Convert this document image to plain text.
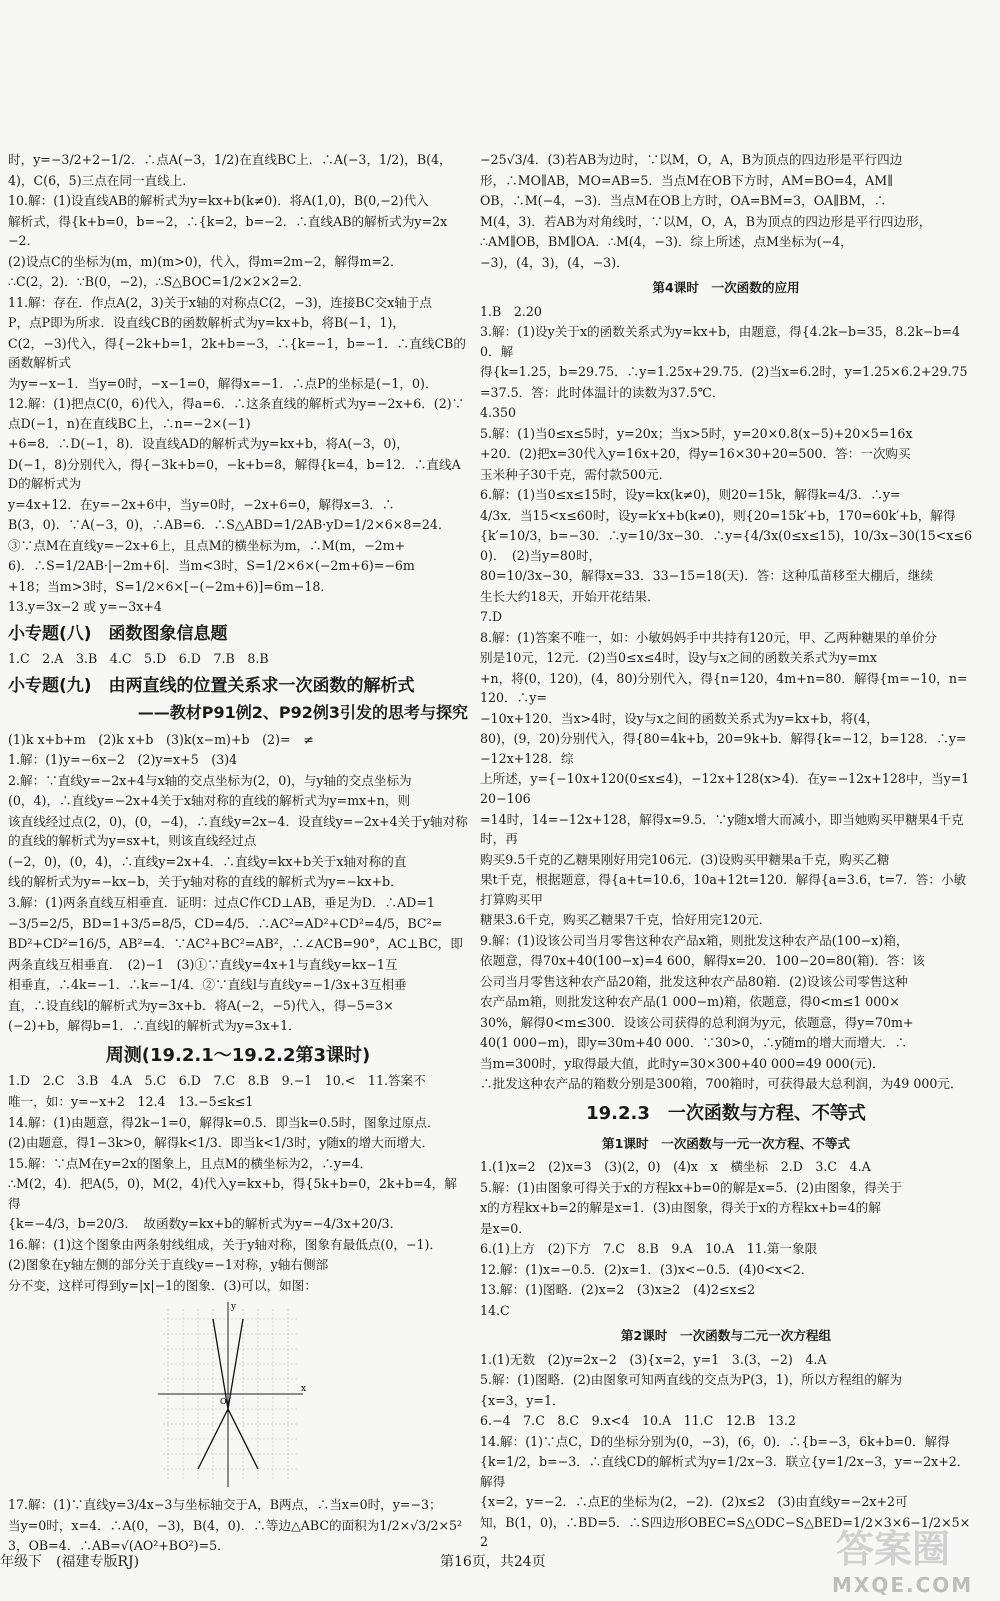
时，y=−3/2+2−1/2．∴点A(−3，1/2)在直线BC上．∴A(−3，1/2)，B(4，
4)，C(6，5)三点在同一直线上．
10.解：(1)设直线AB的解析式为y=kx+b(k≠0)．将A(1,0)，B(0,−2)代入
解析式，得{k+b=0，b=−2，∴{k=2，b=−2．∴直线AB的解析式为y=2x−2．
(2)设点C的坐标为(m，m)(m>0)，代入，得m=2m−2，解得m=2．
∴C(2，2)．∵B(0，−2)，∴S△BOC=1/2×2×2=2．
11.解：存在．作点A(2，3)关于x轴的对称点C(2，−3)，连接BC交x轴于点
P，点P即为所求．设直线CB的函数解析式为y=kx+b，将B(−1，1)，
C(2，−3)代入，得{−2k+b=1，2k+b=−3，∴{k=−1，b=−1．∴直线CB的函数解析式
为y=−x−1．当y=0时，−x−1=0，解得x=−1．∴点P的坐标是(−1，0)．
12.解：(1)把点C(0，6)代入，得a=6．∴这条直线的解析式为y=−2x+6．(2)∵点D(−1，n)在直线BC上，∴n=−2×(−1)
+6=8．∴D(−1，8)．设直线AD的解析式为y=kx+b，将A(−3，0)，
D(−1，8)分别代入，得{−3k+b=0，−k+b=8，解得{k=4，b=12．∴直线AD的解析式为
y=4x+12．在y=−2x+6中，当y=0时，−2x+6=0，解得x=3．∴
B(3，0)．∵A(−3，0)，∴AB=6．∴S△ABD=1/2AB·yD=1/2×6×8=24．
③∵点M在直线y=−2x+6上，且点M的横坐标为m，∴M(m，−2m+
6)．∴S=1/2AB·|−2m+6|．当m<3时，S=1/2×6×(−2m+6)=−6m
+18；当m>3时，S=1/2×6×[−(−2m+6)]=6m−18．
13.y=3x−2 或 y=−3x+4
小专题(八)　函数图象信息题
1.C　2.A　3.B　4.C　5.D　6.D　7.B　8.B
小专题(九)　由两直线的位置关系求一次函数的解析式
——教材P91例2、P92例3引发的思考与探究
(1)k x+b+m　(2)k x+b　(3)k(x−m)+b　(2)=　≠
1.解：(1)y=−6x−2　(2)y=x+5　(3)4
2.解：∵直线y=−2x+4与x轴的交点坐标为(2，0)，与y轴的交点坐标为
(0，4)，∴直线y=−2x+4关于x轴对称的直线的解析式为y=mx+n，则
该直线经过点(2，0)，(0，−4)，∴直线y=2x−4．设直线y=−2x+4关于y轴对称的直线的解析式为y=sx+t，则该直线经过点
(−2，0)，(0，4)，∴直线y=2x+4．∴直线y=kx+b关于x轴对称的直
线的解析式为y=−kx−b，关于y轴对称的直线的解析式为y=−kx+b．
3.解：(1)两条直线互相垂直．证明：过点C作CD⊥AB，垂足为D．∴AD=1
−3/5=2/5，BD=1+3/5=8/5，CD=4/5．∴AC²=AD²+CD²=4/5，BC²=
BD²+CD²=16/5，AB²=4．∵AC²+BC²=AB²，∴∠ACB=90°，AC⊥BC，即
两条直线互相垂直．　(2)−1　(3)①∵直线y=4x+1与直线y=kx−1互
相垂直，∴4k=−1．∴k=−1/4．②∵直线l与直线y=−1/3x+3互相垂
直，∴设直线l的解析式为y=3x+b．将A(−2，−5)代入，得−5=3×
(−2)+b，解得b=1．∴直线l的解析式为y=3x+1．
周测(19.2.1～19.2.2第3课时)
1.D　2.C　3.B　4.A　5.C　6.D　7.C　8.B　9.−1　10.<　11.答案不
唯一，如：y=−x+2　12.4　13.−5≤k≤1
14.解：(1)由题意，得2k−1=0，解得k=0.5．即当k=0.5时，图象过原点．
(2)由题意，得1−3k>0，解得k<1/3．即当k<1/3时，y随x的增大而增大．
15.解：∵点M在y=2x的图象上，且点M的横坐标为2，∴y=4．
∴M(2，4)．把A(5，0)，M(2，4)代入y=kx+b，得{5k+b=0，2k+b=4，解得
{k=−4/3，b=20/3．　故函数y=kx+b的解析式为y=−4/3x+20/3．
16.解：(1)这个图象由两条射线组成，关于y轴对称，图象有最低点(0，−1)．
(2)图象在y轴左侧的部分关于直线y=−1对称，y轴右侧部
分不变，这样可得到y=|x|−1的图象．(3)可以，如图：
x
y
O
17.解：(1)∵直线y=3/4x−3与坐标轴交于A，B两点，∴当x=0时，y=−3；
当y=0时，x=4．∴A(0，−3)，B(4，0)．∴等边△ABC的面积为1/2×√3/2×5²
3，OB=4．∴AB=√(AO²+BO²)=5．
−25√3/4．(3)若AB为边时，∵以M，O，A，B为顶点的四边形是平行四边
形，∴MO∥AB，MO=AB=5．当点M在OB下方时，AM=BO=4，AM∥
OB，∴M(−4，−3)．当点M在OB上方时，OA=BM=3，OA∥BM，∴
M(4，3)．若AB为对角线时，∵以M，O，A，B为顶点的四边形是平行四边形，
∴AM∥OB，BM∥OA．∴M(4，−3)．综上所述，点M坐标为(−4，
−3)，(4，3)，(4，−3)．
第4课时　一次函数的应用
1.B　2.20
3.解：(1)设y关于x的函数关系式为y=kx+b，由题意，得{4.2k−b=35，8.2k−b=40．解
得{k=1.25，b=29.75．∴y=1.25x+29.75．(2)当x=6.2时，y=1.25×6.2+29.75
=37.5．答：此时体温计的读数为37.5℃．
4.350
5.解：(1)当0≤x≤5时，y=20x；当x>5时，y=20×0.8(x−5)+20×5=16x
+20．(2)把x=30代入y=16x+20，得y=16×30+20=500．答：一次购买
玉米种子30千克，需付款500元．
6.解：(1)当0≤x≤15时，设y=kx(k≠0)，则20=15k，解得k=4/3．∴y=
4/3x．当15<x≤60时，设y=k′x+b(k≠0)，则{20=15k′+b，170=60k′+b，解得
{k′=10/3，b=−30．∴y=10/3x−30．∴y={4/3x(0≤x≤15)，10/3x−30(15<x≤60)．　(2)当y=80时，
80=10/3x−30，解得x=33．33−15=18(天)．答：这种瓜苗移至大棚后，继续
生长大约18天，开始开花结果．
7.D
8.解：(1)答案不唯一，如：小敏妈妈手中共持有120元，甲、乙两种糖果的单价分
别是10元，12元．(2)当0≤x≤4时，设y与x之间的函数关系式为y=mx
+n，将(0，120)，(4，80)分别代入，得{n=120，4m+n=80．解得{m=−10，n=120．∴y=
−10x+120．当x>4时，设y与x之间的函数关系式为y=kx+b，将(4，
80)，(9，20)分别代入，得{80=4k+b，20=9k+b．解得{k=−12，b=128．∴y=−12x+128．综
上所述，y={−10x+120(0≤x≤4)，−12x+128(x>4)．在y=−12x+128中，当y=120−106
=14时，14=−12x+128，解得x=9.5．∵y随x增大而减小，即当她购买甲糖果4千克时，再
购买9.5千克的乙糖果刚好用完106元．(3)设购买甲糖果a千克，购买乙糖
果t千克，根据题意，得{a+t=10.6，10a+12t=120．解得{a=3.6，t=7．答：小敏打算购买甲
糖果3.6千克，购买乙糖果7千克，恰好用完120元．
9.解：(1)设该公司当月零售这种农产品x箱，则批发这种农产品(100−x)箱，
依题意，得70x+40(100−x)=4 600，解得x=20．100−20=80(箱)．答：该
公司当月零售这种农产品20箱，批发这种农产品80箱．(2)设该公司零售这种
农产品m箱，则批发这种农产品(1 000−m)箱，依题意，得0<m≤1 000×
30%，解得0<m≤300．设该公司获得的总利润为y元，依题意，得y=70m+
40(1 000−m)，即y=30m+40 000．∵30>0，∴y随m的增大而增大．∴
当m=300时，y取得最大值，此时y=30×300+40 000=49 000(元)．
∴批发这种农产品的箱数分别是300箱，700箱时，可获得最大总利润，为49 000元．
19.2.3　一次函数与方程、不等式
第1课时　一次函数与一元一次方程、不等式
1.(1)x=2　(2)x=3　(3)(2，0)　(4)x　x　横坐标　2.D　3.C　4.A
5.解：(1)由图象可得关于x的方程kx+b=0的解是x=5．(2)由图象，得关于
x的方程kx+b=2的解是x=1．(3)由图象，得关于x的方程kx+b=4的解
是x=0．
6.(1)上方　(2)下方　7.C　8.B　9.A　10.A　11.第一象限
12.解：(1)x=−0.5．(2)x=1．(3)x<−0.5．(4)0<x<2．
13.解：(1)图略．(2)x=2　(3)x≥2　(4)2≤x≤2
14.C
第2课时　一次函数与二元一次方程组
1.(1)无数　(2)y=2x−2　(3){x=2，y=1　3.(3，−2)　4.A
5.解：(1)图略．(2)由图象可知两直线的交点为P(3，1)，所以方程组的解为
{x=3，y=1．
6.−4　7.C　8.C　9.x<4　10.A　11.C　12.B　13.2
14.解：(1)∵点C，D的坐标分别为(0，−3)，(6，0)．∴{b=−3，6k+b=0．解得
{k=1/2，b=−3．∴直线CD的解析式为y=1/2x−3．联立{y=1/2x−3，y=−2x+2．解得
{x=2，y=−2．∴点E的坐标为(2，−2)．(2)x≤2　(3)由直线y=−2x+2可
知，B(1，0)，∴BD=5．∴S四边形OBEC=S△ODC−S△BED=1/2×3×6−1/2×5×2
年级下　(福建专版RJ)	第16页，共24页	答案圈
MXQE.COM
